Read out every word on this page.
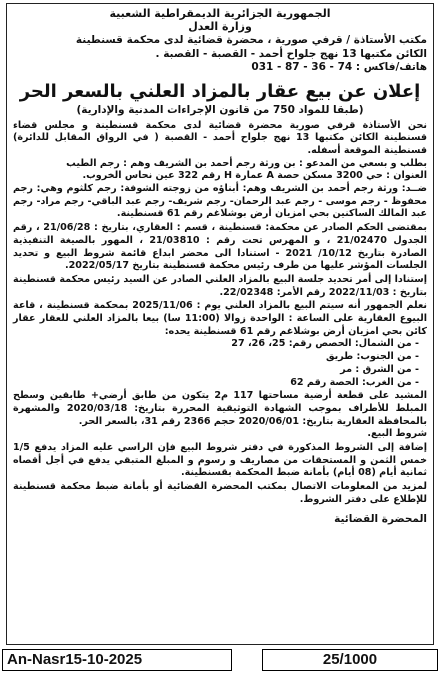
الجمهورية الجزائرية الديمقراطية الشعبية
وزارة العدل
مكتب الأستاذة / قرفي صورية ، محضرة قضائية لدى محكمة قسنطينة
الكائن مكتبها 13 نهج جلواح أحمد - القصبة - القصبة .
هاتف/فاكس : 74 - 36 - 87 - 031
إعلان عن بيع عقار بالمزاد العلني بالسعر الحر
(طبقا للمواد 750 من قانون الإجراءات المدنية والإدارية)

نحن الأستاذة قرفي صورية محضرة قضائية لدى محكمة قسنطينة و مجلس قضاء قسنطينة الكائن مكتبها 13 نهج جلواح أحمد - القصبة ( في الرواق المقابل للدائرة) قسنطينة الموقعة أسفله.

بطلب و بسعي من المدعو : بن ورثة رجم أحمد بن الشريف وهم : رجم الطيب

العنوان : حي 3200 مسكن حصة A عمارة H رقم 322 عين نحاس الخروب.

ضــد: ورثة رجم أحمد بن الشريف وهم: أبناؤه من زوجته الشوفة: رجم كلثوم وهي: رجم محفوظ - رجم موسى - رجم عبد الرحمان- رجم شريف- رجم عبد الباقي- رجم مراد- رجم عبد المالك الساكنين بحي امزيان أرض بوشلاغم رقم 61 قسنطينة.

بمقتضى الحكم الصادر عن محكمة: قسنطينة ، قسم : العقاري، بتاريخ : 21/06/28 ، رقم الجدول 21/02470 ، و المهرس تحت رقم : 21/03810 ، المهور بالصيغة التنفيذية الصادرة بتاريخ 10/12/ 2021 - استنادا الى محضر ابداع قائمة شروط البيع و تحديد الجلسات المؤشر عليها من طرف رئيس محكمة قسنطينة بتاريخ 2022/05/17.

إستنادا إلى أمر تحديد جلسة البيع بالمزاد العلني الصادر عن السيد رئيس محكمة قسنطينة بتاريخ : 2022/11/03 رقم الأمر: 22/02348.

نعلم الجمهور أنه سيتم البيع بالمزاد العلني يوم : 2025/11/06 بمحكمة قسنطينة ، قاعة البيوع العقارية على الساعة : الواحدة زوالا (11:00 سا) بيعا بالمزاد العلني للعقار عقار كائن بحي امزيان أرض بوشلاغم رقم 61 قسنطينة يحده:

- من الشمال: الحصص رقم: 25، 26، 27

- من الجنوب: طريق

- من الشرق : مر

- من الغرب: الحصة رقم 62

المشيد على قطعة أرضية مساحتها 117 م2 يتكون من طابق أرضي+ طابقين وسطح المبلط للأطراف بموجب الشهادة التوثيقية المحررة بتاريخ: 2020/03/18 والمشهرة بالمحافظة العقارية بتاريخ: 2020/06/01 حجم 2366 رقم 31، بالسعر الحر.

شروط البيع.

إضافة إلى الشروط المذكورة في دفتر شروط البيع فإن الراسي عليه المزاد يدفع 1/5 خمس الثمن و المستحقات من مصاريف و رسوم و المبلغ المتبقي يدفع في أجل أقصاه ثمانية أيام (08 أيام) بأمانة ضبط المحكمة بقسنطينة.

لمزيد من المعلومات الاتصال بمكتب المحضرة القضائية أو بأمانة ضبط محكمة قسنطينة للإطلاع على دفتر الشروط.

المحضرة القضائية
An-Nasr15-10-2025	25/1000
